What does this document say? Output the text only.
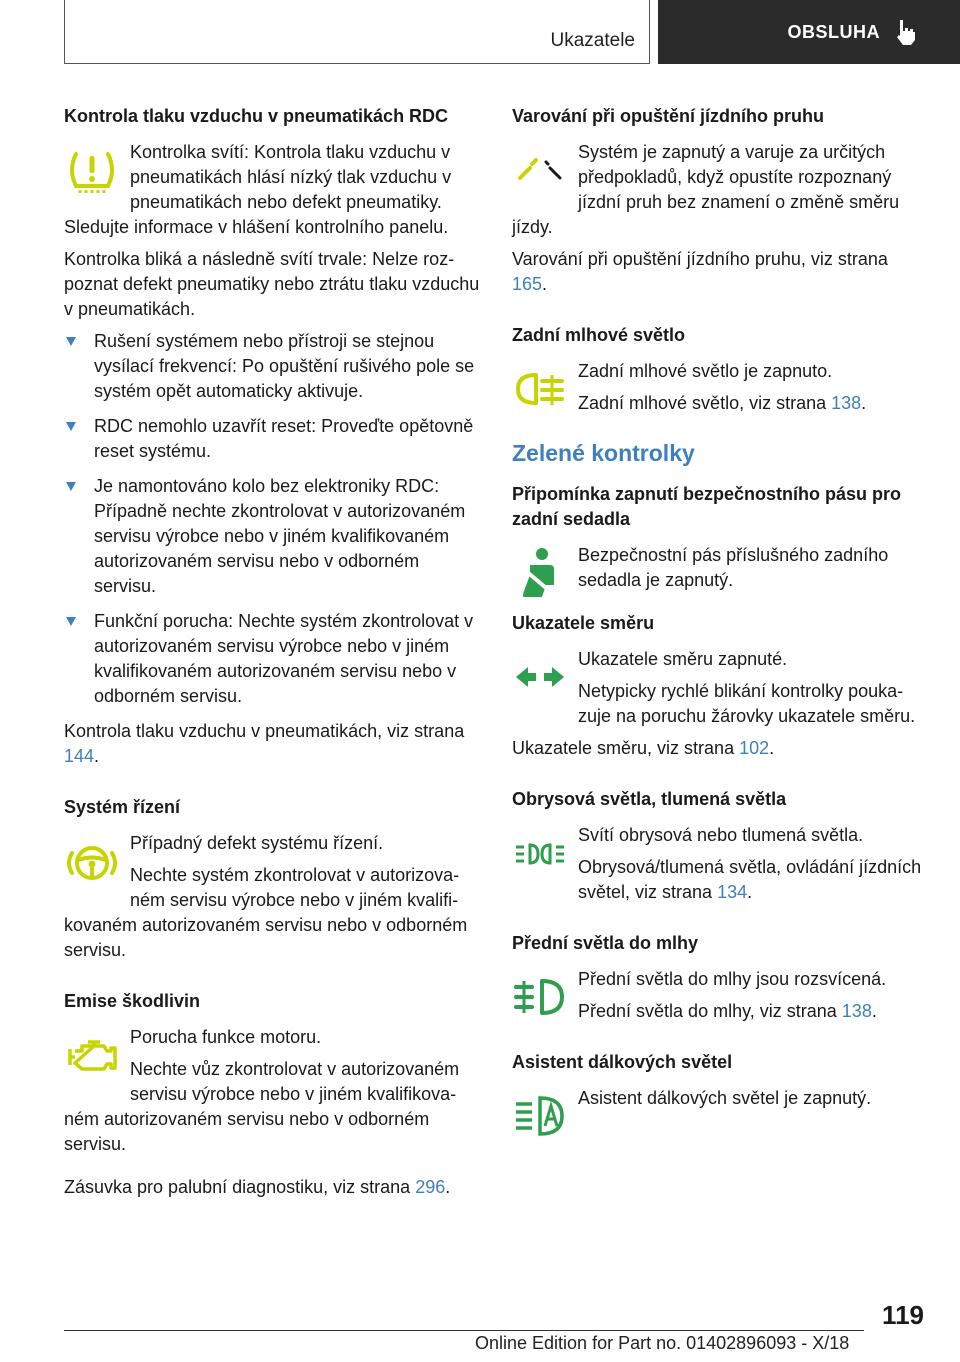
Ukazatele	OBSLUHA
Kontrola tlaku vzduchu v pneumatikách RDC

Kontrolka svítí: Kontrola tlaku vzduchu v pneumatikách hlásí nízký tlak vzduchu v pneumatikách nebo defekt pneumatiky. Sledujte informace v hlášení kontrolního panelu.

Kontrolka bliká a následně svítí trvale: Nelze rozpoznat defekt pneumatiky nebo ztrátu tlaku vzduchu v pneumatikách.

Rušení systémem nebo přístroji se stejnou vysílací frekvencí: Po opuštění rušivého pole se systém opět automaticky aktivuje.
RDC nemohlo uzavřít reset: Proveďte opětovně reset systému.
Je namontováno kolo bez elektroniky RDC: Případně nechte zkontrolovat v autorizovaném servisu výrobce nebo v jiném kvalifikovaném autorizovaném servisu nebo v odborném servisu.
Funkční porucha: Nechte systém zkontrolovat v autorizovaném servisu výrobce nebo v jiném kvalifikovaném autorizovaném servisu nebo v odborném servisu.

Kontrola tlaku vzduchu v pneumatikách, viz strana 144.

Systém řízení

Případný defekt systému řízení.

Nechte systém zkontrolovat v autorizovaném servisu výrobce nebo v jiném kvalifikovaném autorizovaném servisu nebo v odborném servisu.

Emise škodlivin

Porucha funkce motoru.

Nechte vůz zkontrolovat v autorizovaném servisu výrobce nebo v jiném kvalifikovaném autorizovaném servisu nebo v odborném servisu.

Zásuvka pro palubní diagnostiku, viz strana 296.

Varování při opuštění jízdního pruhu

Systém je zapnutý a varuje za určitých předpokladů, když opustíte rozpoznaný jízdní pruh bez znamení o změně směru jízdy.

Varování při opuštění jízdního pruhu, viz strana 165.

Zadní mlhové světlo

Zadní mlhové světlo je zapnuto.

Zadní mlhové světlo, viz strana 138.

Zelené kontrolky
Připomínka zapnutí bezpečnostního pásu pro zadní sedadla

Bezpečnostní pás příslušného zadního sedadla je zapnutý.

Ukazatele směru

Ukazatele směru zapnuté.

Netypicky rychlé blikání kontrolky poukazuje na poruchu žárovky ukazatele směru.

Ukazatele směru, viz strana 102.

Obrysová světla, tlumená světla

Svítí obrysová nebo tlumená světla.

Obrysová/tlumená světla, ovládání jízdních světel, viz strana 134.

Přední světla do mlhy

Přední světla do mlhy jsou rozsvícená.

Přední světla do mlhy, viz strana 138.

Asistent dálkových světel

Asistent dálkových světel je zapnutý.

119
Online Edition for Part no. 01402896093 - X/18
